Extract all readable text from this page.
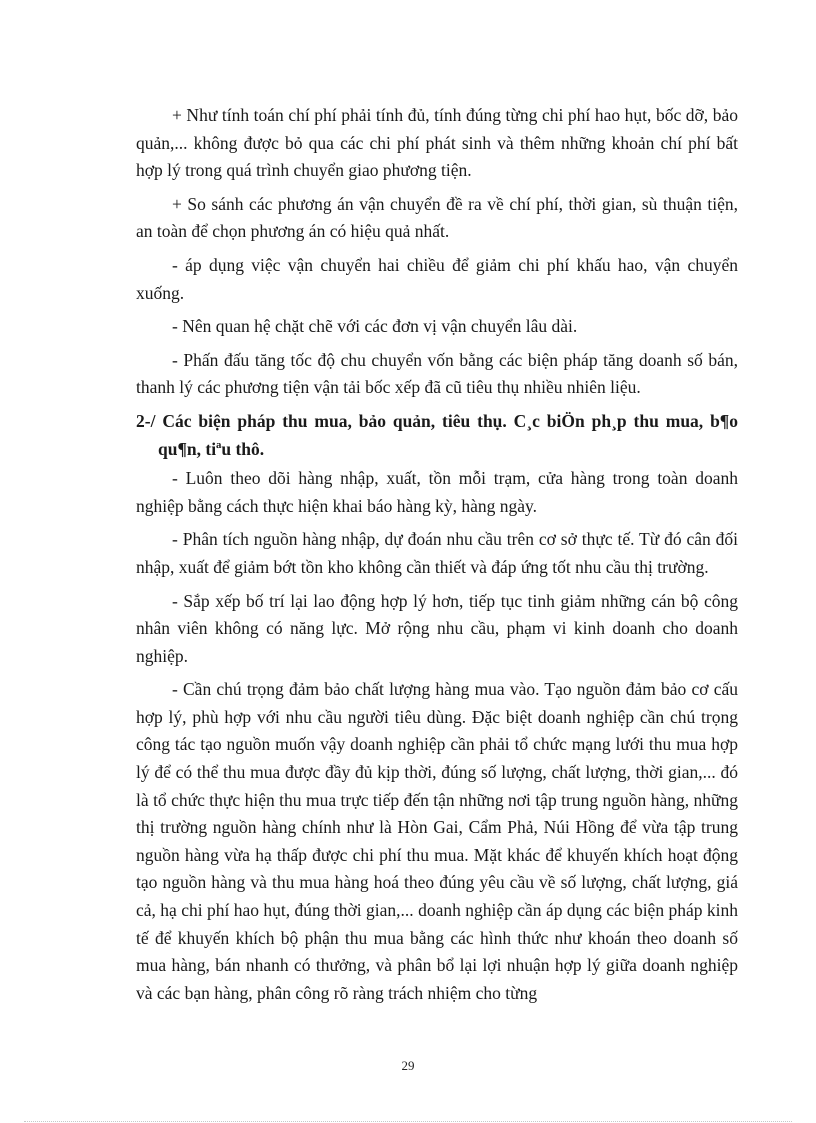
+ Như tính toán chí phí phải tính đủ, tính đúng từng chi phí hao hụt, bốc dỡ, bảo quản,... không được bỏ qua các chi phí phát sinh và thêm những khoản chí phí bất hợp lý trong quá trình chuyển giao phương tiện.

+ So sánh các phương án vận chuyển đề ra về chí phí, thời gian, sù thuận tiện, an toàn để chọn phương án có hiệu quả nhất.

- áp dụng việc vận chuyển hai chiều để giảm chi phí khấu hao, vận chuyển xuống.

- Nên quan hệ chặt chẽ với các đơn vị vận chuyển lâu dài.

- Phấn đấu tăng tốc độ chu chuyển vốn bằng các biện pháp tăng doanh số bán, thanh lý các phương tiện vận tải bốc xếp đã cũ tiêu thụ nhiều nhiên liệu.

2-/ Các biện pháp thu mua, bảo quản, tiêu thụ. C¸c biÖn ph¸p thu mua, b¶o qu¶n, tiªu thô.

- Luôn theo dõi hàng nhập, xuất, tồn mỗi trạm, cửa hàng trong toàn doanh nghiệp bằng cách thực hiện khai báo hàng kỳ, hàng ngày.

- Phân tích nguồn hàng nhập, dự đoán nhu cầu trên cơ sở thực tế. Từ đó cân đối nhập, xuất để giảm bớt tồn kho không cần thiết và đáp ứng tốt nhu cầu thị trường.

- Sắp xếp bố trí lại lao động hợp lý hơn, tiếp tục tinh giảm những cán bộ công nhân viên không có năng lực. Mở rộng nhu cầu, phạm vi kinh doanh cho doanh nghiệp.

- Cần chú trọng đảm bảo chất lượng hàng mua vào. Tạo nguồn đảm bảo cơ cấu hợp lý, phù hợp với nhu cầu người tiêu dùng. Đặc biệt doanh nghiệp cần chú trọng công tác tạo nguồn muốn vậy doanh nghiệp cần phải tổ chức mạng lưới thu mua hợp lý để có thể thu mua được đầy đủ kịp thời, đúng số lượng, chất lượng, thời gian,... đó là tổ chức thực hiện thu mua trực tiếp đến tận những nơi tập trung nguồn hàng, những thị trường nguồn hàng chính như là Hòn Gai, Cẩm Phả, Núi Hồng để vừa tập trung nguồn hàng vừa hạ thấp được chi phí thu mua. Mặt khác để khuyến khích hoạt động tạo nguồn hàng và thu mua hàng hoá theo đúng yêu cầu về số lượng, chất lượng, giá cả, hạ chi phí hao hụt, đúng thời gian,... doanh nghiệp cần áp dụng các biện pháp kinh tế để khuyến khích bộ phận thu mua bằng các hình thức như khoán theo doanh số mua hàng, bán nhanh có thưởng, và phân bổ lại lợi nhuận hợp lý giữa doanh nghiệp và các bạn hàng, phân công rõ ràng trách nhiệm cho từng

29
